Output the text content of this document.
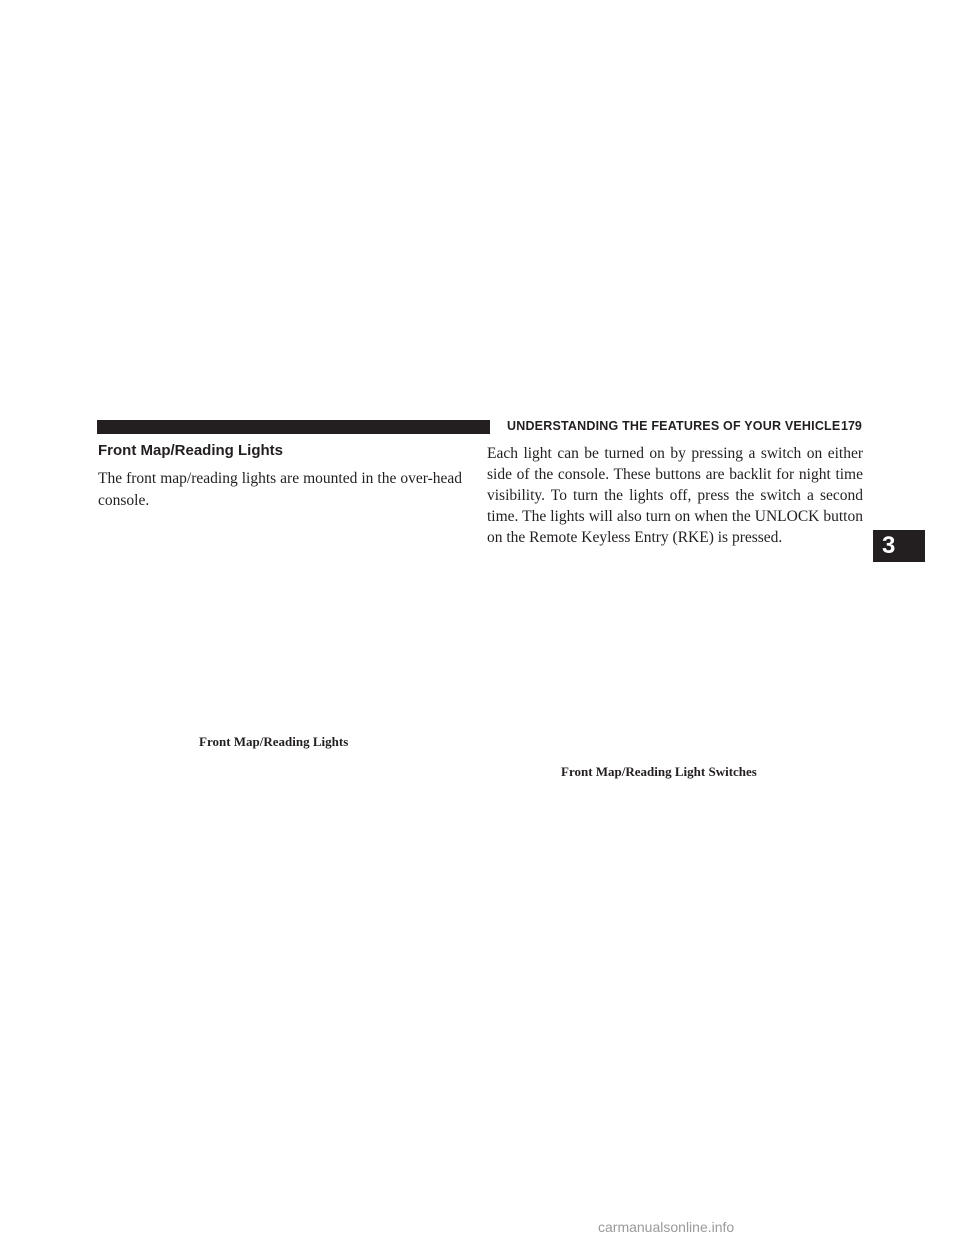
UNDERSTANDING THE FEATURES OF YOUR VEHICLE 179
Front Map/Reading Lights

The front map/reading lights are mounted in the over-head console.

Each light can be turned on by pressing a switch on either side of the console. These buttons are backlit for night time visibility. To turn the lights off, press the switch a second time. The lights will also turn on when the UNLOCK button on the Remote Keyless Entry (RKE) is pressed.

Front Map/Reading Lights
Front Map/Reading Light Switches
3
carmanualsonline.info
